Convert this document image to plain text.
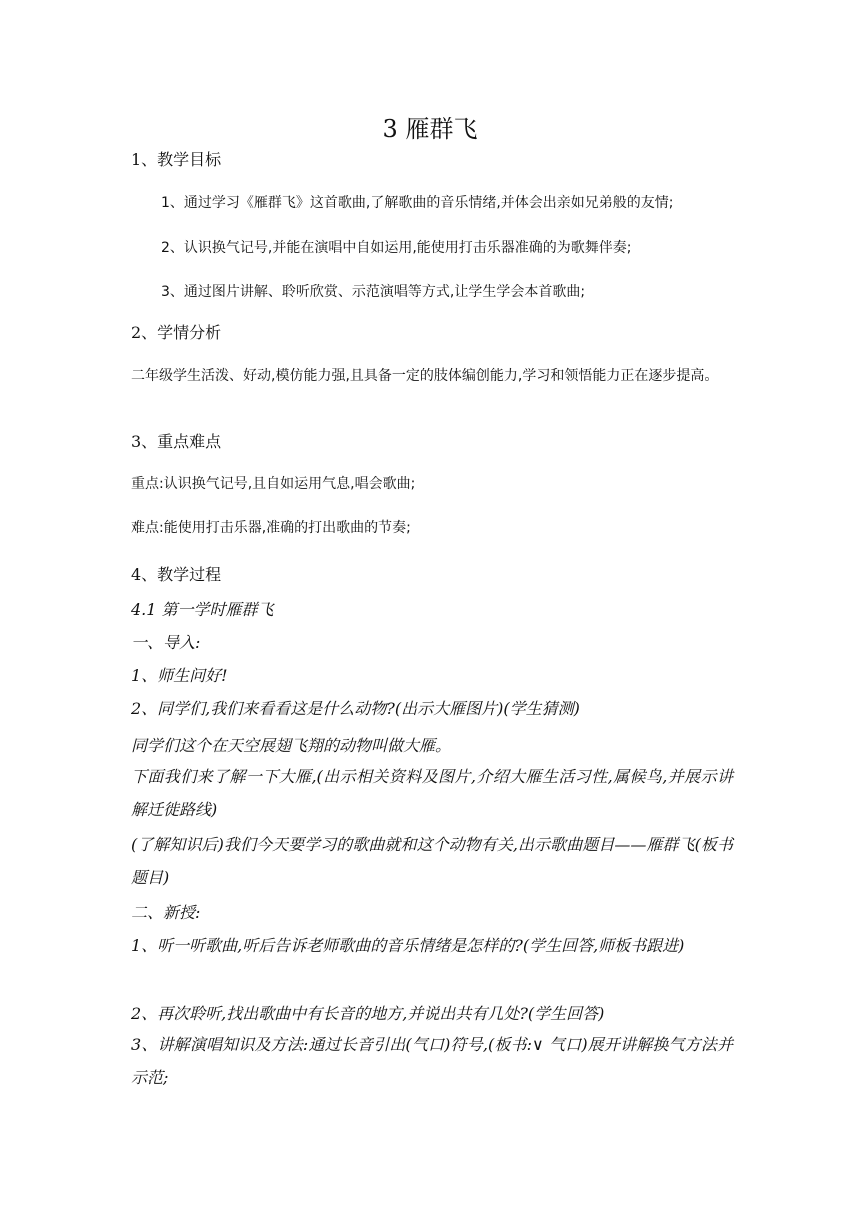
3 雁群飞
1、教学目标
1、通过学习《雁群飞》这首歌曲,了解歌曲的音乐情绪,并体会出亲如兄弟般的友情;
2、认识换气记号,并能在演唱中自如运用,能使用打击乐器准确的为歌舞伴奏;
3、通过图片讲解、聆听欣赏、示范演唱等方式,让学生学会本首歌曲;
2、学情分析
二年级学生活泼、好动,模仿能力强,且具备一定的肢体编创能力,学习和领悟能力正在逐步提高。
3、重点难点
重点:认识换气记号,且自如运用气息,唱会歌曲;
难点:能使用打击乐器,准确的打出歌曲的节奏;
4、教学过程
4.1 第一学时雁群飞
一、导入:
1、师生问好!
2、同学们,我们来看看这是什么动物?(出示大雁图片)(学生猜测)
同学们这个在天空展翅飞翔的动物叫做大雁。
下面我们来了解一下大雁,(出示相关资料及图片,介绍大雁生活习性,属候鸟,并展示讲解迁徙路线)
(了解知识后)我们今天要学习的歌曲就和这个动物有关,出示歌曲题目——雁群飞(板书题目)
二、新授:
1、听一听歌曲,听后告诉老师歌曲的音乐情绪是怎样的?(学生回答,师板书跟进)
2、再次聆听,找出歌曲中有长音的地方,并说出共有几处?(学生回答)
3、讲解演唱知识及方法:通过长音引出(气口)符号,(板书:∨ 气口)展开讲解换气方法并示范;
